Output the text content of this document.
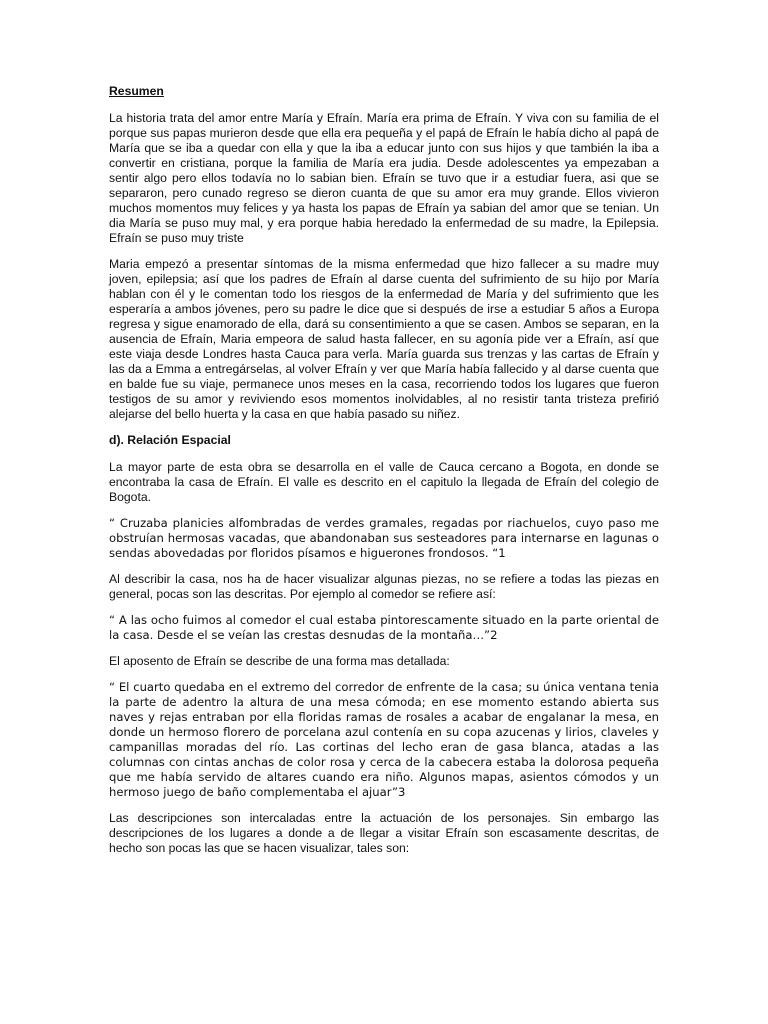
Resumen

La historia trata del amor entre María y Efraín. María era prima de Efraín. Y viva con su familia de el porque sus papas murieron desde que ella era pequeña y el papá de Efraín le había dicho al papá de María que se iba a quedar con ella y que la iba a educar junto con sus hijos y que también la iba a convertir en cristiana, porque la familia de María era judia. Desde adolescentes ya empezaban a sentir algo pero ellos todavía no lo sabian bien. Efraín se tuvo que ir a estudiar fuera, asi que se separaron, pero cunado regreso se dieron cuanta de que su amor era muy grande. Ellos vivieron muchos momentos muy felices y ya hasta los papas de Efraín ya sabian del amor que se tenian. Un dia María se puso muy mal, y era porque habia heredado la enfermedad de su madre, la Epilepsia. Efraín se puso muy triste

Maria empezó a presentar síntomas de la misma enfermedad que hizo fallecer a su madre muy joven, epilepsia; así que los padres de Efraín al darse cuenta del sufrimiento de su hijo por María hablan con él y le comentan todo los riesgos de la enfermedad de María y del sufrimiento que les esperaría a ambos jóvenes, pero su padre le dice que si después de irse a estudiar 5 años a Europa regresa y sigue enamorado de ella, dará su consentimiento a que se casen. Ambos se separan, en la ausencia de Efraín, Maria empeora de salud hasta fallecer, en su agonía pide ver a Efraín, así que este viaja desde Londres hasta Cauca para verla. María guarda sus trenzas y las cartas de Efraín y las da a Emma a entregárselas, al volver Efraín y ver que María había fallecido y al darse cuenta que en balde fue su viaje, permanece unos meses en la casa, recorriendo todos los lugares que fueron testigos de su amor y reviviendo esos momentos inolvidables, al no resistir tanta tristeza prefirió alejarse del bello huerta y la casa en que había pasado su niñez.

d). Relación Espacial

La mayor parte de esta obra se desarrolla en el valle de Cauca cercano a Bogota, en donde se encontraba la casa de Efraín. El valle es descrito en el capitulo la llegada de Efraín del colegio de Bogota.

“ Cruzaba planicies alfombradas de verdes gramales, regadas por riachuelos, cuyo paso me obstruían hermosas vacadas, que abandonaban sus sesteadores para internarse en lagunas o sendas abovedadas por floridos písamos e higuerones frondosos. “1

Al describir la casa, nos ha de hacer visualizar algunas piezas, no se refiere a todas las piezas en general, pocas son las descritas. Por ejemplo al comedor se refiere así:

“ A las ocho fuimos al comedor el cual estaba pintorescamente situado en la parte oriental de la casa. Desde el se veían las crestas desnudas de la montaña…”2

El aposento de Efraín se describe de una forma mas detallada:

“ El cuarto quedaba en el extremo del corredor de enfrente de la casa; su única ventana tenia la parte de adentro la altura de una mesa cómoda; en ese momento estando abierta sus naves y rejas entraban por ella floridas ramas de rosales a acabar de engalanar la mesa, en donde un hermoso florero de porcelana azul contenía en su copa azucenas y lirios, claveles y campanillas moradas del río. Las cortinas del lecho eran de gasa blanca, atadas a las columnas con cintas anchas de color rosa y cerca de la cabecera estaba la dolorosa pequeña que me había servido de altares cuando era niño. Algunos mapas, asientos cómodos y un hermoso juego de baño complementaba el ajuar”3

Las descripciones son intercaladas entre la actuación de los personajes. Sin embargo las descripciones de los lugares a donde a de llegar a visitar Efraín son escasamente descritas, de hecho son pocas las que se hacen visualizar, tales son:
